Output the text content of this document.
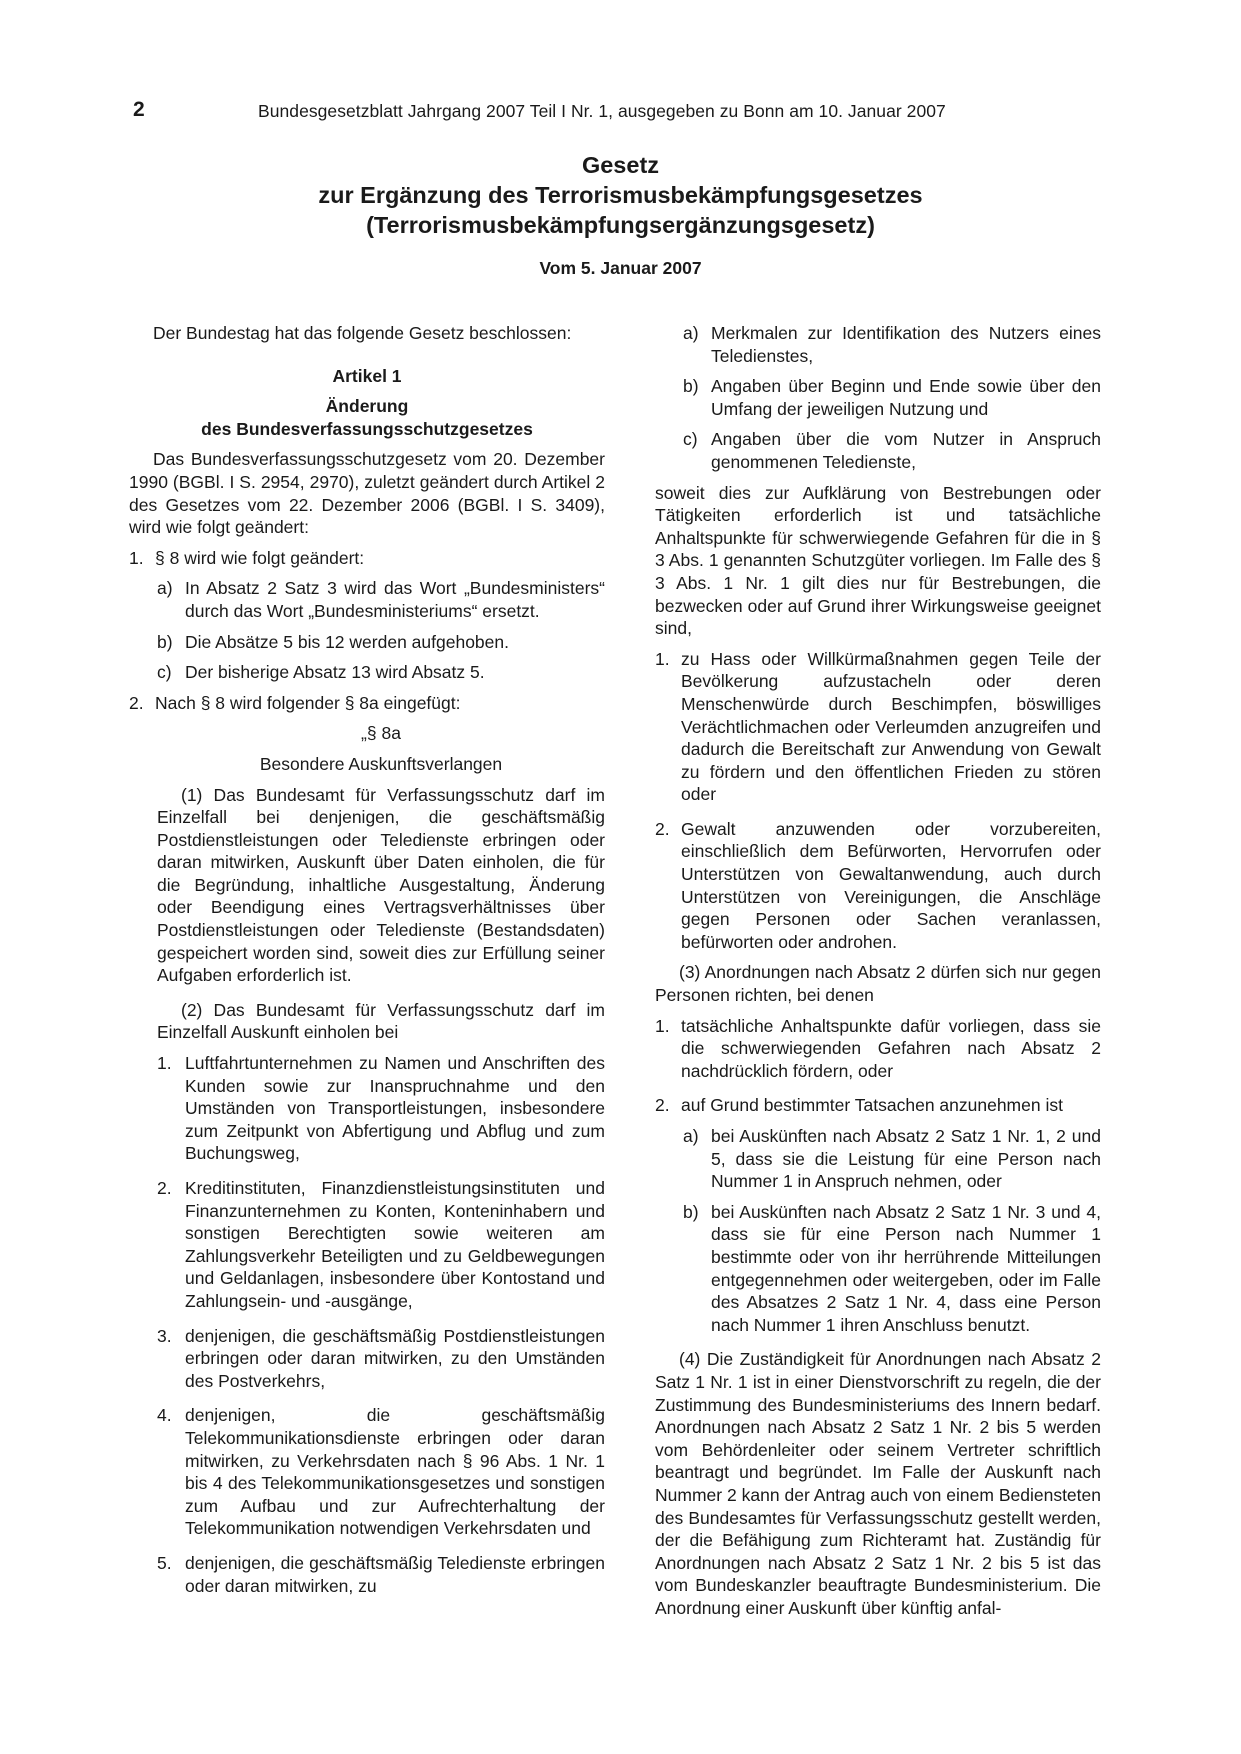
2	Bundesgesetzblatt Jahrgang 2007 Teil I Nr. 1, ausgegeben zu Bonn am 10. Januar 2007
Gesetz
zur Ergänzung des Terrorismusbekämpfungsgesetzes
(Terrorismusbekämpfungsergänzungsgesetz)
Vom 5. Januar 2007

Der Bundestag hat das folgende Gesetz beschlossen:

Artikel 1

Änderung

des Bundesverfassungsschutzgesetzes

Das Bundesverfassungsschutzgesetz vom 20. Dezember 1990 (BGBl. I S. 2954, 2970), zuletzt geändert durch Artikel 2 des Gesetzes vom 22. Dezember 2006 (BGBl. I S. 3409), wird wie folgt geändert:

1. § 8 wird wie folgt geändert:
a) In Absatz 2 Satz 3 wird das Wort „Bundesministers“ durch das Wort „Bundesministeriums“ ersetzt.
b) Die Absätze 5 bis 12 werden aufgehoben.
c) Der bisherige Absatz 13 wird Absatz 5.
2. Nach § 8 wird folgender § 8a eingefügt:

„§ 8a

Besondere Auskunftsverlangen

(1) Das Bundesamt für Verfassungsschutz darf im Einzelfall bei denjenigen, die geschäftsmäßig Postdienstleistungen oder Teledienste erbringen oder daran mitwirken, Auskunft über Daten einholen, die für die Begründung, inhaltliche Ausgestaltung, Änderung oder Beendigung eines Vertragsverhältnisses über Postdienstleistungen oder Teledienste (Bestandsdaten) gespeichert worden sind, soweit dies zur Erfüllung seiner Aufgaben erforderlich ist.

(2) Das Bundesamt für Verfassungsschutz darf im Einzelfall Auskunft einholen bei

1. Luftfahrtunternehmen zu Namen und Anschriften des Kunden sowie zur Inanspruchnahme und den Umständen von Transportleistungen, insbesondere zum Zeitpunkt von Abfertigung und Abflug und zum Buchungsweg,
2. Kreditinstituten, Finanzdienstleistungsinstituten und Finanzunternehmen zu Konten, Konteninhabern und sonstigen Berechtigten sowie weiteren am Zahlungsverkehr Beteiligten und zu Geldbewegungen und Geldanlagen, insbesondere über Kontostand und Zahlungsein- und -ausgänge,
3. denjenigen, die geschäftsmäßig Postdienstleistungen erbringen oder daran mitwirken, zu den Umständen des Postverkehrs,
4. denjenigen, die geschäftsmäßig Telekommunikationsdienste erbringen oder daran mitwirken, zu Verkehrsdaten nach § 96 Abs. 1 Nr. 1 bis 4 des Telekommunikationsgesetzes und sonstigen zum Aufbau und zur Aufrechterhaltung der Telekommunikation notwendigen Verkehrsdaten und
5. denjenigen, die geschäftsmäßig Teledienste erbringen oder daran mitwirken, zu
a) Merkmalen zur Identifikation des Nutzers eines Teledienstes,
b) Angaben über Beginn und Ende sowie über den Umfang der jeweiligen Nutzung und
c) Angaben über die vom Nutzer in Anspruch genommenen Teledienste,

soweit dies zur Aufklärung von Bestrebungen oder Tätigkeiten erforderlich ist und tatsächliche Anhaltspunkte für schwerwiegende Gefahren für die in § 3 Abs. 1 genannten Schutzgüter vorliegen. Im Falle des § 3 Abs. 1 Nr. 1 gilt dies nur für Bestrebungen, die bezwecken oder auf Grund ihrer Wirkungsweise geeignet sind,

1. zu Hass oder Willkürmaßnahmen gegen Teile der Bevölkerung aufzustacheln oder deren Menschenwürde durch Beschimpfen, böswilliges Verächtlichmachen oder Verleumden anzugreifen und dadurch die Bereitschaft zur Anwendung von Gewalt zu fördern und den öffentlichen Frieden zu stören oder
2. Gewalt anzuwenden oder vorzubereiten, einschließlich dem Befürworten, Hervorrufen oder Unterstützen von Gewaltanwendung, auch durch Unterstützen von Vereinigungen, die Anschläge gegen Personen oder Sachen veranlassen, befürworten oder androhen.

(3) Anordnungen nach Absatz 2 dürfen sich nur gegen Personen richten, bei denen

1. tatsächliche Anhaltspunkte dafür vorliegen, dass sie die schwerwiegenden Gefahren nach Absatz 2 nachdrücklich fördern, oder
2. auf Grund bestimmter Tatsachen anzunehmen ist
a) bei Auskünften nach Absatz 2 Satz 1 Nr. 1, 2 und 5, dass sie die Leistung für eine Person nach Nummer 1 in Anspruch nehmen, oder
b) bei Auskünften nach Absatz 2 Satz 1 Nr. 3 und 4, dass sie für eine Person nach Nummer 1 bestimmte oder von ihr herrührende Mitteilungen entgegennehmen oder weitergeben, oder im Falle des Absatzes 2 Satz 1 Nr. 4, dass eine Person nach Nummer 1 ihren Anschluss benutzt.

(4) Die Zuständigkeit für Anordnungen nach Absatz 2 Satz 1 Nr. 1 ist in einer Dienstvorschrift zu regeln, die der Zustimmung des Bundesministeriums des Innern bedarf. Anordnungen nach Absatz 2 Satz 1 Nr. 2 bis 5 werden vom Behördenleiter oder seinem Vertreter schriftlich beantragt und begründet. Im Falle der Auskunft nach Nummer 2 kann der Antrag auch von einem Bediensteten des Bundesamtes für Verfassungsschutz gestellt werden, der die Befähigung zum Richteramt hat. Zuständig für Anordnungen nach Absatz 2 Satz 1 Nr. 2 bis 5 ist das vom Bundeskanzler beauftragte Bundesministerium. Die Anordnung einer Auskunft über künftig anfal-
